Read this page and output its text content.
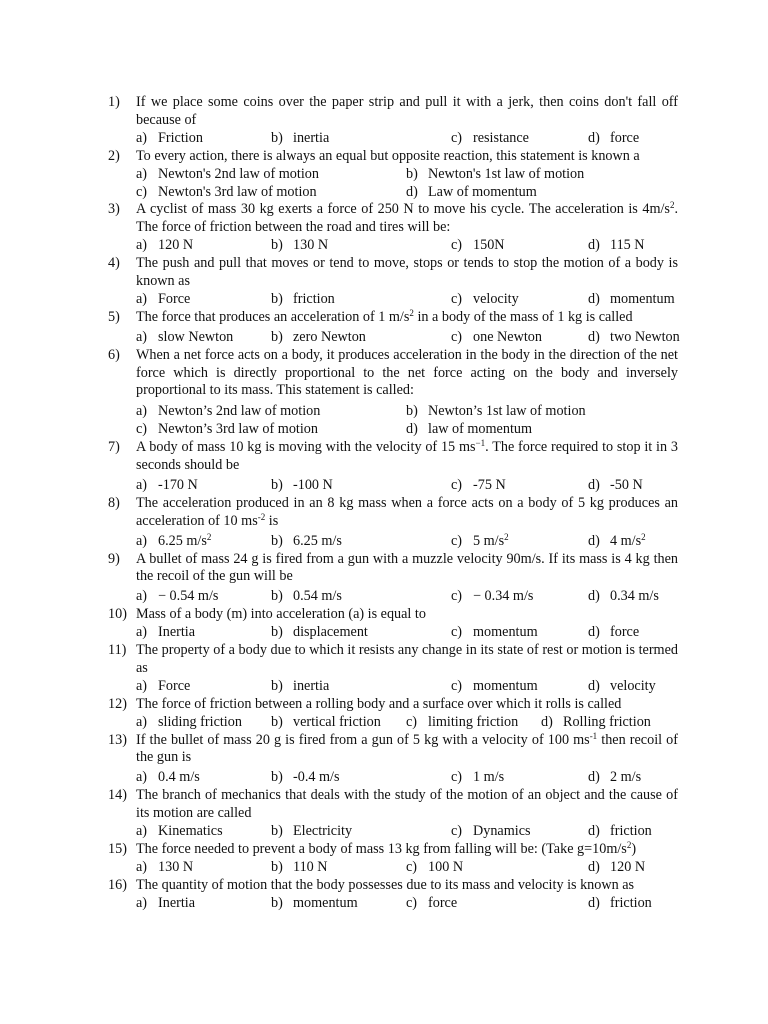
1)	If we place some coins over the paper strip and pull it with a jerk, then coins don't fall off because of
a) Friction	b) inertia	c) resistance	d) force
2)	To every action, there is always an equal but opposite reaction, this statement is known a
a) Newton's 2nd law of motion	b) Newton's 1st law of motion
c) Newton's 3rd law of motion	d) Law of momentum
3)	A cyclist of mass 30 kg exerts a force of 250 N to move his cycle. The acceleration is $4m/s^2$. The force of friction between the road and tires will be:
a) 120 N	b) 130 N	c) 150N	d) 115 N
4)	The push and pull that moves or tend to move, stops or tends to stop the motion of a body is known as
a) Force	b) friction	c) velocity	d) momentum
5)	The force that produces an acceleration of 1 $m/s^2$ in a body of the mass of 1 kg is called
a) slow Newton	b) zero Newton	c) one Newton	d) two Newton
6)	When a net force acts on a body, it produces acceleration in the body in the direction of the net force which is directly proportional to the net force acting on the body and inversely proportional to its mass. This statement is called:
a) Newton’s 2nd law of motion	b) Newton’s 1st law of motion
c) Newton’s 3rd law of motion	d) law of momentum
7)	A body of mass 10 kg is moving with the velocity of 15 $ms^{-1}$. The force required to stop it in 3 seconds should be
a) -170 N	b) -100 N	c) -75 N	d) -50 N
8)	The acceleration produced in an 8 kg mass when a force acts on a body of 5 kg produces an acceleration of 10 $ms^{-2}$ is
a) 6.25 $m/s^2$	b) 6.25 m/s	c) 5 $m/s^2$	d) 4 $m/s^2$
9)	A bullet of mass 24 g is fired from a gun with a muzzle velocity 90m/s. If its mass is 4 kg then the recoil of the gun will be
a) − 0.54 m/s	b) 0.54 m/s	c) − 0.34 m/s	d) 0.34 m/s
10) Mass of a body (m) into acceleration (a) is equal to
a) Inertia	b) displacement	c) momentum	d) force
11) The property of a body due to which it resists any change in its state of rest or motion is termed as
a) Force	b) inertia	c) momentum	d) velocity
12) The force of friction between a rolling body and a surface over which it rolls is called
a) sliding friction b) vertical friction c) limiting friction d) Rolling friction
13) If the bullet of mass 20 g is fired from a gun of 5 kg with a velocity of 100 $ms^{-1}$ then recoil of the gun is
a) 0.4 m/s	b) -0.4 m/s	c) 1 m/s	d) 2 m/s
14) The branch of mechanics that deals with the study of the motion of an object and the cause of its motion are called
a) Kinematics	b) Electricity	c) Dynamics	d) friction
15) The force needed to prevent a body of mass 13 kg from falling will be: (Take $g=10m/s^2$)
a) 130 N	b) 110 N	c) 100 N	d) 120 N
16) The quantity of motion that the body possesses due to its mass and velocity is known as
a) Inertia	b) momentum	c) force	d) friction
